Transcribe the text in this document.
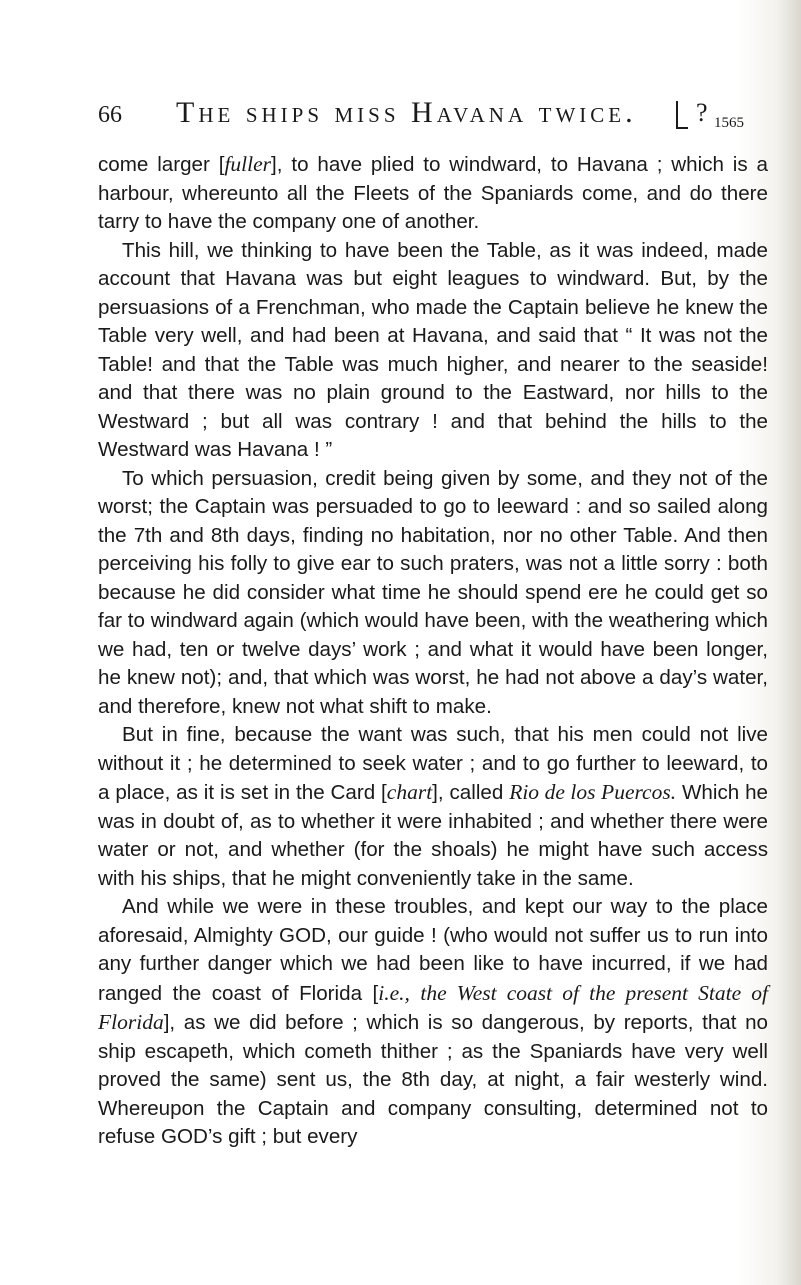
66 The ships miss Havana twice.	? $_{1565}$

come larger [fuller], to have plied to windward, to Havana ; which is a harbour, whereunto all the Fleets of the Spaniards come, and do there tarry to have the company one of another.

This hill, we thinking to have been the Table, as it was indeed, made account that Havana was but eight leagues to windward. But, by the persuasions of a Frenchman, who made the Captain believe he knew the Table very well, and had been at Havana, and said that “ It was not the Table! and that the Table was much higher, and nearer to the seaside! and that there was no plain ground to the Eastward, nor hills to the Westward ; but all was contrary ! and that behind the hills to the Westward was Havana ! ”

To which persuasion, credit being given by some, and they not of the worst; the Captain was persuaded to go to leeward : and so sailed along the 7th and 8th days, finding no habitation, nor no other Table. And then perceiving his folly to give ear to such praters, was not a little sorry : both because he did consider what time he should spend ere he could get so far to windward again (which would have been, with the weathering which we had, ten or twelve days’ work ; and what it would have been longer, he knew not); and, that which was worst, he had not above a day’s water, and therefore, knew not what shift to make.

But in fine, because the want was such, that his men could not live without it ; he determined to seek water ; and to go further to leeward, to a place, as it is set in the Card [chart], called Rio de los Puercos. Which he was in doubt of, as to whether it were inhabited ; and whether there were water or not, and whether (for the shoals) he might have such access with his ships, that he might conveniently take in the same.

And while we were in these troubles, and kept our way to the place aforesaid, Almighty GOD, our guide ! (who would not suffer us to run into any further danger which we had been like to have incurred, if we had ranged the coast of Florida [i.e., the West coast of the present State of Florida], as we did before ; which is so dangerous, by reports, that no ship escapeth, which cometh thither ; as the Spaniards have very well proved the same) sent us, the 8th day, at night, a fair westerly wind. Whereupon the Captain and company consulting, determined not to refuse GOD’s gift ; but every
